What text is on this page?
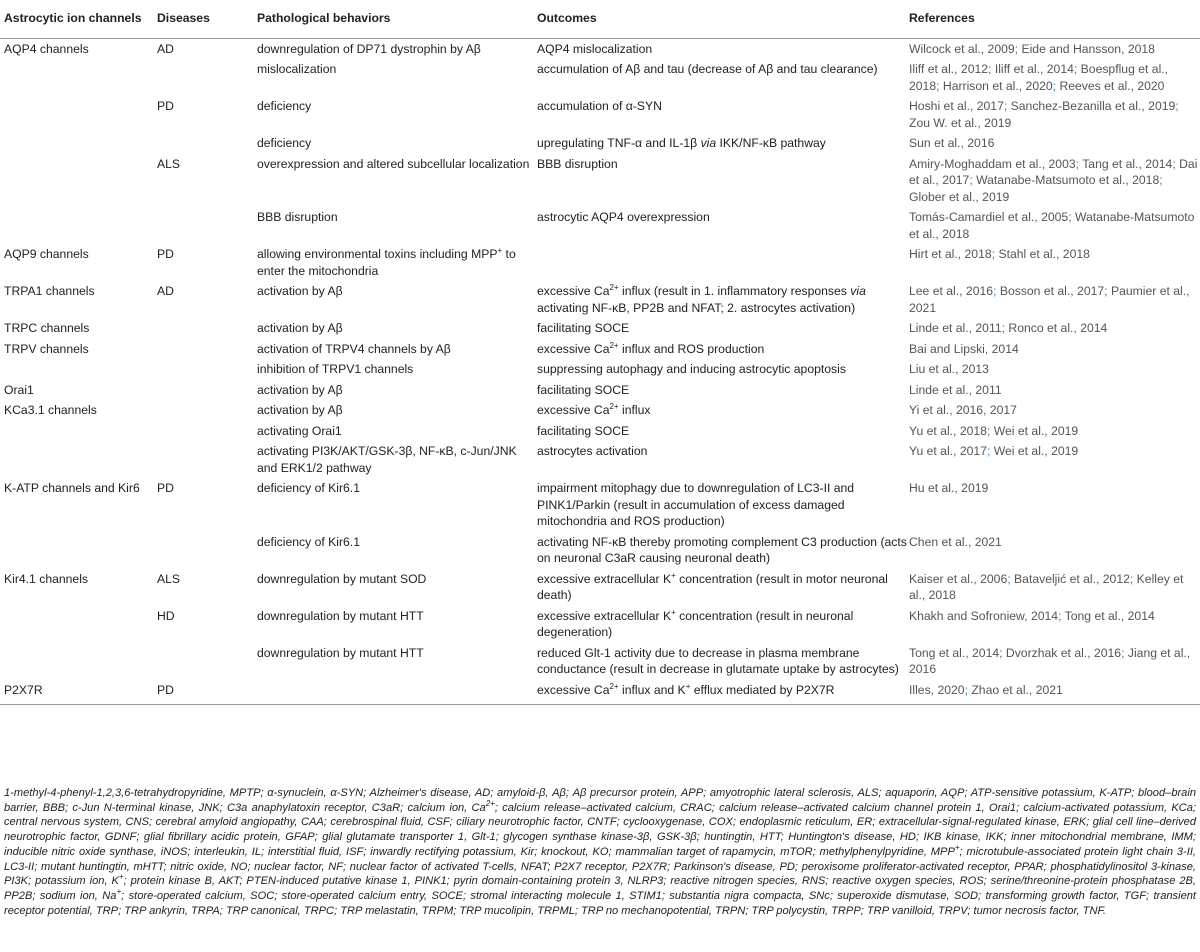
Astrocytic ion channels	Diseases	Pathological behaviors	Outcomes	References
AQP4 channels	AD	downregulation of DP71 dystrophin by Aβ	AQP4 mislocalization	Wilcock et al., 2009; Eide and Hansson, 2018
		mislocalization	accumulation of Aβ and tau (decrease of Aβ and tau clearance)	Iliff et al., 2012; Iliff et al., 2014; Boespflug et al., 2018; Harrison et al., 2020; Reeves et al., 2020
	PD	deficiency	accumulation of α-SYN	Hoshi et al., 2017; Sanchez-Bezanilla et al., 2019; Zou W. et al., 2019
		deficiency	upregulating TNF-α and IL-1β via IKK/NF-κB pathway	Sun et al., 2016
	ALS	overexpression and altered subcellular localization	BBB disruption	Amiry-Moghaddam et al., 2003; Tang et al., 2014; Dai et al., 2017; Watanabe-Matsumoto et al., 2018; Glober et al., 2019
		BBB disruption	astrocytic AQP4 overexpression	Tomás-Camardiel et al., 2005; Watanabe-Matsumoto et al., 2018
AQP9 channels	PD	allowing environmental toxins including MPP+ to enter the mitochondria		Hirt et al., 2018; Stahl et al., 2018
TRPA1 channels	AD	activation by Aβ	excessive $Ca^{2+}$ influx (result in 1. inflammatory responses via activating NF-κB, PP2B and NFAT; 2. astrocytes activation)	Lee et al., 2016; Bosson et al., 2017; Paumier et al., 2021
TRPC channels		activation by Aβ	facilitating SOCE	Linde et al., 2011; Ronco et al., 2014
TRPV channels		activation of TRPV4 channels by Aβ	excessive $Ca^{2+}$ influx and ROS production	Bai and Lipski, 2014
		inhibition of TRPV1 channels	suppressing autophagy and inducing astrocytic apoptosis	Liu et al., 2013
Orai1		activation by Aβ	facilitating SOCE	Linde et al., 2011
KCa3.1 channels		activation by Aβ	excessive $Ca^{2+}$ influx	Yi et al., 2016, 2017
		activating Orai1	facilitating SOCE	Yu et al., 2018; Wei et al., 2019
		activating PI3K/AKT/GSK-3β, NF-κB, c-Jun/JNK and ERK1/2 pathway	astrocytes activation	Yu et al., 2017; Wei et al., 2019
K-ATP channels and Kir6	PD	deficiency of Kir6.1	impairment mitophagy due to downregulation of LC3-II and PINK1/Parkin (result in accumulation of excess damaged mitochondria and ROS production)	Hu et al., 2019
		deficiency of Kir6.1	activating NF-κB thereby promoting complement C3 production (acts on neuronal C3aR causing neuronal death)	Chen et al., 2021
Kir4.1 channels	ALS	downregulation by mutant SOD	excessive extracellular K+ concentration (result in motor neuronal death)	Kaiser et al., 2006; Bataveljić et al., 2012; Kelley et al., 2018
	HD	downregulation by mutant HTT	excessive extracellular K+ concentration (result in neuronal degeneration)	Khakh and Sofroniew, 2014; Tong et al., 2014
		downregulation by mutant HTT	reduced Glt-1 activity due to decrease in plasma membrane conductance (result in decrease in glutamate uptake by astrocytes)	Tong et al., 2014; Dvorzhak et al., 2016; Jiang et al., 2016
P2X7R	PD		excessive $Ca^{2+}$ influx and K+ efflux mediated by P2X7R	Illes, 2020; Zhao et al., 2021
1-methyl-4-phenyl-1,2,3,6-tetrahydropyridine, MPTP; α-synuclein, α-SYN; Alzheimer's disease, AD; amyloid-β, Aβ; Aβ precursor protein, APP; amyotrophic lateral sclerosis, ALS; aquaporin, AQP; ATP-sensitive potassium, K-ATP; blood–brain barrier, BBB; c-Jun N-terminal kinase, JNK; C3a anaphylatoxin receptor, C3aR; calcium ion, $Ca^{2+}$; calcium release–activated calcium, CRAC; calcium release–activated calcium channel protein 1, Orai1; calcium-activated potassium, KCa; central nervous system, CNS; cerebral amyloid angiopathy, CAA; cerebrospinal fluid, CSF; ciliary neurotrophic factor, CNTF; cyclooxygenase, COX; endoplasmic reticulum, ER; extracellular-signal-regulated kinase, ERK; glial cell line–derived neurotrophic factor, GDNF; glial fibrillary acidic protein, GFAP; glial glutamate transporter 1, Glt-1; glycogen synthase kinase-3β, GSK-3β; huntingtin, HTT; Huntington's disease, HD; IKB kinase, IKK; inner mitochondrial membrane, IMM; inducible nitric oxide synthase, iNOS; interleukin, IL; interstitial fluid, ISF; inwardly rectifying potassium, Kir; knockout, KO; mammalian target of rapamycin, mTOR; methylphenylpyridine, MPP+; microtubule-associated protein light chain 3-II, LC3-II; mutant huntingtin, mHTT; nitric oxide, NO; nuclear factor, NF; nuclear factor of activated T-cells, NFAT; P2X7 receptor, P2X7R; Parkinson's disease, PD; peroxisome proliferator-activated receptor, PPAR; phosphatidylinositol 3-kinase, PI3K; potassium ion, K+; protein kinase B, AKT; PTEN-induced putative kinase 1, PINK1; pyrin domain-containing protein 3, NLRP3; reactive nitrogen species, RNS; reactive oxygen species, ROS; serine/threonine-protein phosphatase 2B, PP2B; sodium ion, Na+; store-operated calcium, SOC; store-operated calcium entry, SOCE; stromal interacting molecule 1, STIM1; substantia nigra compacta, SNc; superoxide dismutase, SOD; transforming growth factor, TGF; transient receptor potential, TRP; TRP ankyrin, TRPA; TRP canonical, TRPC; TRP melastatin, TRPM; TRP mucolipin, TRPML; TRP no mechanopotential, TRPN; TRP polycystin, TRPP; TRP vanilloid, TRPV; tumor necrosis factor, TNF.
